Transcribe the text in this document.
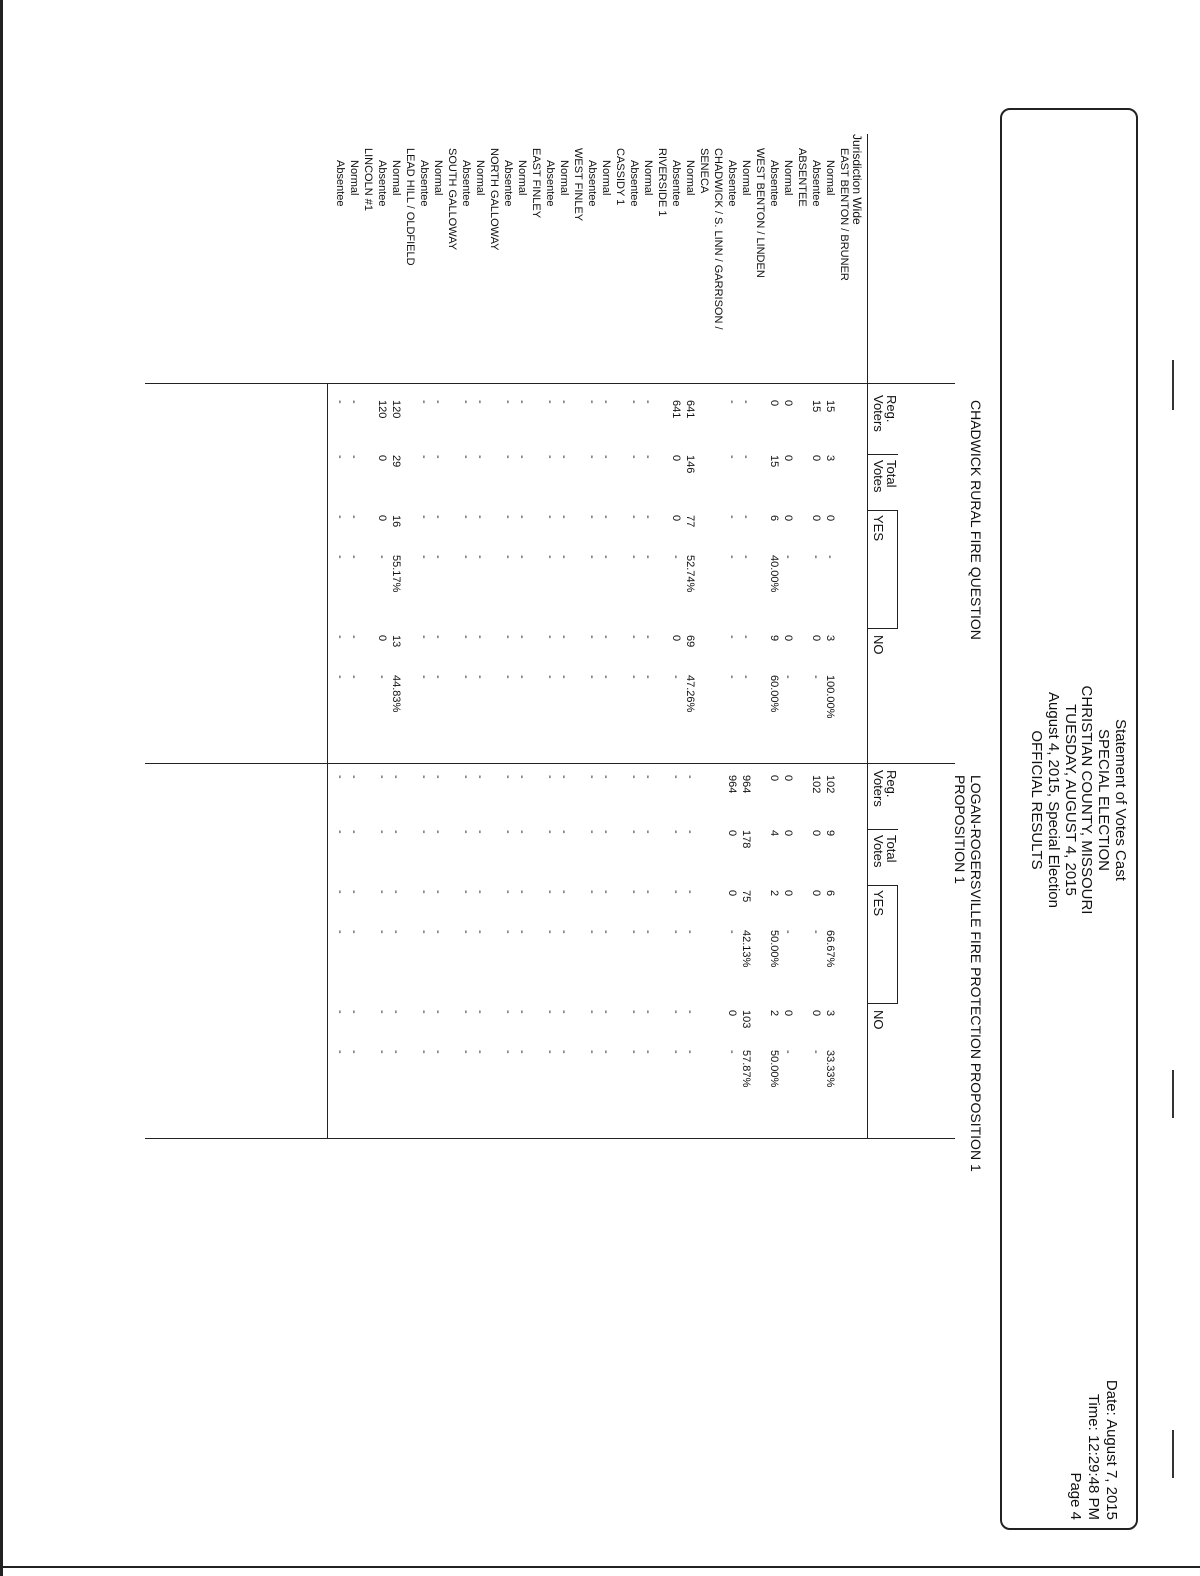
Statement of Votes Cast
SPECIAL ELECTION
CHRISTIAN COUNTY, MISSOURI
TUESDAY, AUGUST 4, 2015
August 4, 2015, Special Election
OFFICIAL RESULTS
Date: August 7, 2015
Time: 12:29:48 PM
Page 4
CHADWICK RURAL FIRE QUESTION
LOGAN-ROGERSVILLE FIRE PROTECTION PROPOSITION 1
PROPOSITION 1
Reg.
Voters
Total
Votes
YES
NO
Reg.
Voters
Total
Votes
YES
NO
Jurisdiction Wide
EAST BENTON / BRUNER
Normal
15
3
0
-
3
100.00%
102
9
6
66.67%
3
33.33%
Absentee
15
0
0
-
0
-
102
0
0
-
0
-
ABSENTEE
Normal
0
0
0
-
0
-
0
0
0
-
0
-
Absentee
0
15
6
40.00%
9
60.00%
0
4
2
50.00%
2
50.00%
WEST BENTON / LINDEN
Normal
-
-
-
-
-
-
964
178
75
42.13%
103
57.87%
Absentee
-
-
-
-
-
-
964
0
0
-
0
-
CHADWICK / S. LINN / GARRISON /
SENECA
Normal
641
146
77
52.74%
69
47.26%
-
-
-
-
-
-
Absentee
641
0
0
-
0
-
-
-
-
-
-
-
RIVERSIDE 1
Normal
-
-
-
-
-
-
-
-
-
-
-
-
Absentee
-
-
-
-
-
-
-
-
-
-
-
-
CASSIDY 1
Normal
-
-
-
-
-
-
-
-
-
-
-
-
Absentee
-
-
-
-
-
-
-
-
-
-
-
-
WEST FINLEY
Normal
-
-
-
-
-
-
-
-
-
-
-
-
Absentee
-
-
-
-
-
-
-
-
-
-
-
-
EAST FINLEY
Normal
-
-
-
-
-
-
-
-
-
-
-
-
Absentee
-
-
-
-
-
-
-
-
-
-
-
-
NORTH GALLOWAY
Normal
-
-
-
-
-
-
-
-
-
-
-
-
Absentee
-
-
-
-
-
-
-
-
-
-
-
-
SOUTH GALLOWAY
Normal
-
-
-
-
-
-
-
-
-
-
-
-
Absentee
-
-
-
-
-
-
-
-
-
-
-
-
LEAD HILL / OLDFIELD
Normal
120
29
16
55.17%
13
44.83%
-
-
-
-
-
-
Absentee
120
0
0
-
0
-
-
-
-
-
-
-
LINCOLN #1
Normal
-
-
-
-
-
-
-
-
-
-
-
-
Absentee
-
-
-
-
-
-
-
-
-
-
-
-
